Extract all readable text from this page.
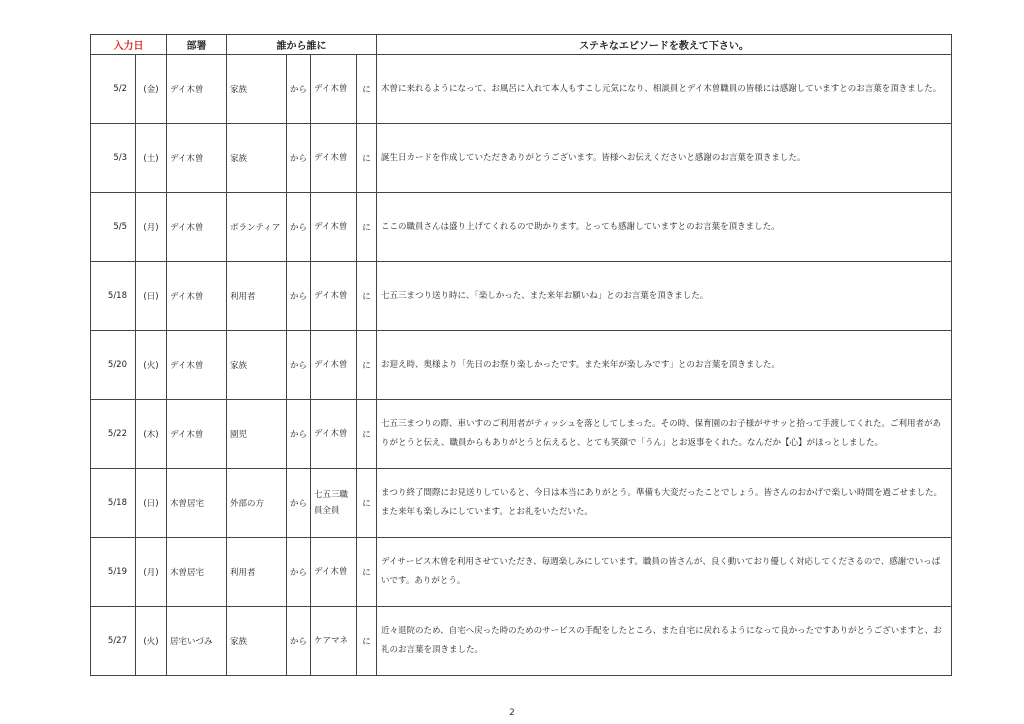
入力日		部署	誰から誰に				ステキなエピソードを教えて下さい。
5/2	(金)	デイ木曽	家族	から	デイ木曽	に	木曽に来れるようになって、お風呂に入れて本人もすこし元気になり、相談員とデイ木曽職員の皆様には感謝していますとのお言葉を頂きました。
5/3	(土)	デイ木曽	家族	から	デイ木曽	に	誕生日カードを作成していただきありがとうございます。皆様へお伝えくださいと感謝のお言葉を頂きました。
5/5	(月)	デイ木曽	ボランティア	から	デイ木曽	に	ここの職員さんは盛り上げてくれるので助かります。とっても感謝していますとのお言葉を頂きました。
5/18	(日)	デイ木曽	利用者	から	デイ木曽	に	七五三まつり送り時に、「楽しかった、また来年お願いね」とのお言葉を頂きました。
5/20	(火)	デイ木曽	家族	から	デイ木曽	に	お迎え時、奥様より「先日のお祭り楽しかったです。また来年が楽しみです」とのお言葉を頂きました。
5/22	(木)	デイ木曽	園児	から	デイ木曽	に	七五三まつりの際、車いすのご利用者がティッシュを落としてしまった。その時、保育園のお子様がササッと拾って手渡してくれた。ご利用者がありがとうと伝え、職員からもありがとうと伝えると、とても笑顔で「うん」とお返事をくれた。なんだか【心】がほっとしました。
5/18	(日)	木曽居宅	外部の方	から	七五三職員全員	に	まつり終了間際にお見送りしていると、今日は本当にありがとう。準備も大変だったことでしょう。皆さんのおかげで楽しい時間を過ごせました。また来年も楽しみにしています。とお礼をいただいた。
5/19	(月)	木曽居宅	利用者	から	デイ木曽	に	デイサービス木曽を利用させていただき、毎週楽しみにしています。職員の皆さんが、良く動いており優しく対応してくださるので、感謝でいっぱいです。ありがとう。
5/27	(火)	居宅いづみ	家族	から	ケアマネ	に	近々退院のため、自宅へ戻った時のためのサービスの手配をしたところ、また自宅に戻れるようになって良かったですありがとうございますと、お礼のお言葉を頂きました。
2
